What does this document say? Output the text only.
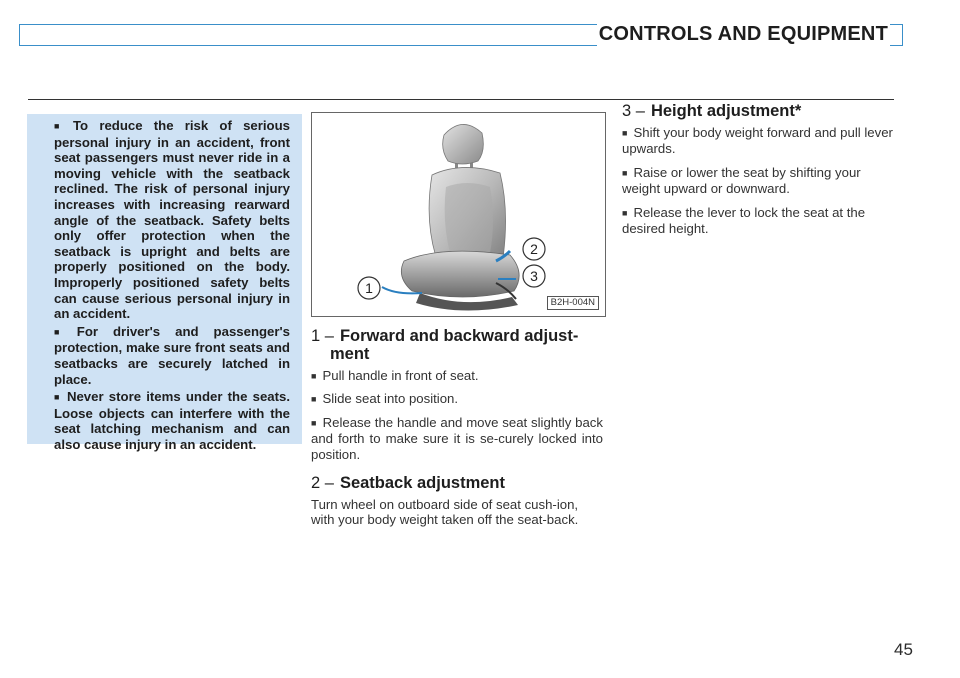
CONTROLS AND EQUIPMENT

■ To reduce the risk of serious personal injury in an accident, front seat passengers must never ride in a moving vehicle with the seatback reclined. The risk of personal injury increases with increasing rearward angle of the seatback. Safety belts only offer protection when the seatback is upright and belts are properly positioned on the body. Improperly positioned safety belts can cause serious personal injury in an accident.

■ For driver's and passenger's protection, make sure front seats and seatbacks are securely latched in place.

■ Never store items under the seats. Loose objects can interfere with the seat latching mechanism and can also cause injury in an accident.

1
2
3
B2H-004N
1 – Forward and backward adjust-ment

■ Pull handle in front of seat.

■ Slide seat into position.

■ Release the handle and move seat slightly back and forth to make sure it is se-curely locked into position.

2 – Seatback adjustment

Turn wheel on outboard side of seat cush-ion, with your body weight taken off the seat-back.

3 – Height adjustment*

■ Shift your body weight forward and pull lever upwards.

■ Raise or lower the seat by shifting your weight upward or downward.

■ Release the lever to lock the seat at the desired height.

45
